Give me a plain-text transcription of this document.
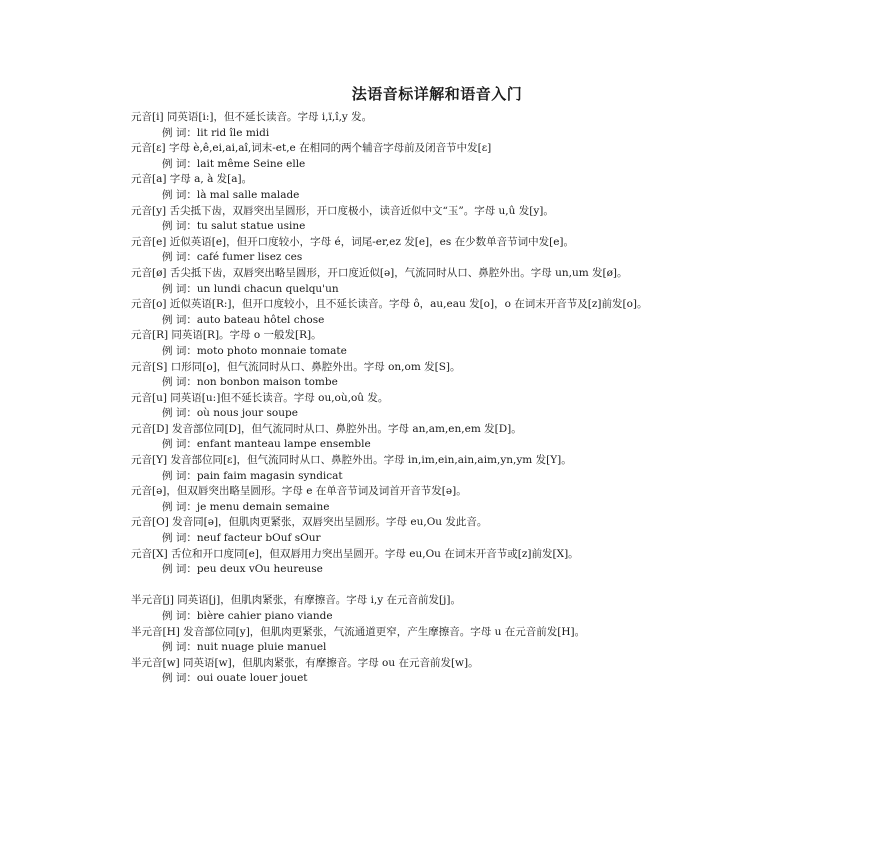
法语音标详解和语音入门
元音[i] 同英语[i:]，但不延长读音。字母 i,ï,î,y 发。
例 词：lit rid île midi
元音[ε] 字母 è,ê,ei,ai,aî,词末-et,e 在相同的两个辅音字母前及闭音节中发[ε]
例 词：lait même Seine elle
元音[a] 字母 a, à 发[a]。
例 词：là mal salle malade
元音[y] 舌尖抵下齿，双唇突出呈圆形，开口度极小，读音近似中文“玉”。字母 u,û 发[y]。
例 词：tu salut statue usine
元音[e] 近似英语[e]，但开口度较小，字母 é，词尾-er,ez 发[e]，es 在少数单音节词中发[e]。
例 词：café fumer lisez ces
元音[ø] 舌尖抵下齿，双唇突出略呈圆形，开口度近似[ə]，气流同时从口、鼻腔外出。字母 un,um 发[ø]。
例 词：un lundi chacun quelqu'un
元音[o] 近似英语[R:]，但开口度较小，且不延长读音。字母 ô，au,eau 发[o]，o 在词末开音节及[z]前发[o]。
例 词：auto bateau hôtel chose
元音[R] 同英语[R]。字母 o 一般发[R]。
例 词：moto photo monnaie tomate
元音[S] 口形同[o]，但气流同时从口、鼻腔外出。字母 on,om 发[S]。
例 词：non bonbon maison tombe
元音[u] 同英语[u:]但不延长读音。字母 ou,où,oû 发。
例 词：où nous jour soupe
元音[D] 发音部位同[D]，但气流同时从口、鼻腔外出。字母 an,am,en,em 发[D]。
例 词：enfant manteau lampe ensemble
元音[Y] 发音部位同[ε]，但气流同时从口、鼻腔外出。字母 in,im,ein,ain,aim,yn,ym 发[Y]。
例 词：pain faim magasin syndicat
元音[ə]，但双唇突出略呈圆形。字母 e 在单音节词及词首开音节发[ə]。
例 词：je menu demain semaine
元音[O] 发音同[ə]，但肌肉更紧张，双唇突出呈圆形。字母 eu,Ou 发此音。
例 词：neuf facteur bOuf sOur
元音[X] 舌位和开口度同[e]，但双唇用力突出呈圆开。字母 eu,Ou 在词末开音节或[z]前发[X]。
例 词：peu deux vOu heureuse
半元音[j] 同英语[j]，但肌肉紧张，有摩擦音。字母 i,y 在元音前发[j]。
例 词：bière cahier piano viande
半元音[H] 发音部位同[y]，但肌肉更紧张，气流通道更窄，产生摩擦音。字母 u 在元音前发[H]。
例 词：nuit nuage pluie manuel
半元音[w] 同英语[w]，但肌肉紧张，有摩擦音。字母 ou 在元音前发[w]。
例 词：oui ouate louer jouet
